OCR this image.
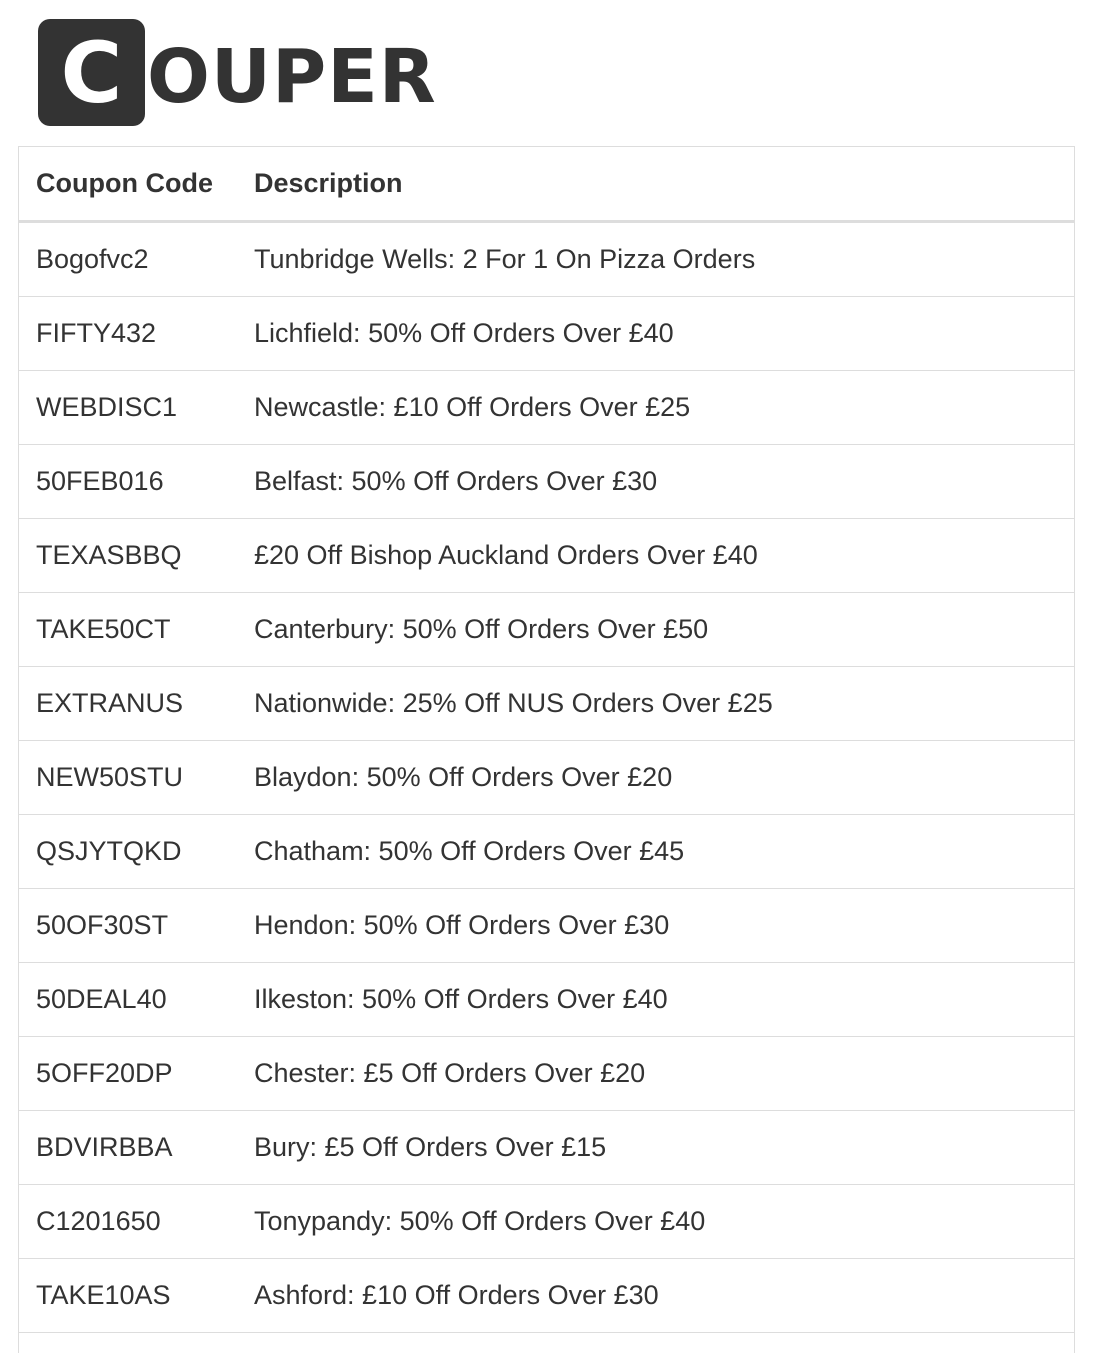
C OUPER
Coupon Code	Description
Bogofvc2	Tunbridge Wells: 2 For 1 On Pizza Orders
FIFTY432	Lichfield: 50% Off Orders Over £40
WEBDISC1	Newcastle: £10 Off Orders Over £25
50FEB016	Belfast: 50% Off Orders Over £30
TEXASBBQ	£20 Off Bishop Auckland Orders Over £40
TAKE50CT	Canterbury: 50% Off Orders Over £50
EXTRANUS	Nationwide: 25% Off NUS Orders Over £25
NEW50STU	Blaydon: 50% Off Orders Over £20
QSJYTQKD	Chatham: 50% Off Orders Over £45
50OF30ST	Hendon: 50% Off Orders Over £30
50DEAL40	Ilkeston: 50% Off Orders Over £40
5OFF20DP	Chester: £5 Off Orders Over £20
BDVIRBBA	Bury: £5 Off Orders Over £15
C1201650	Tonypandy: 50% Off Orders Over £40
TAKE10AS	Ashford: £10 Off Orders Over £30
